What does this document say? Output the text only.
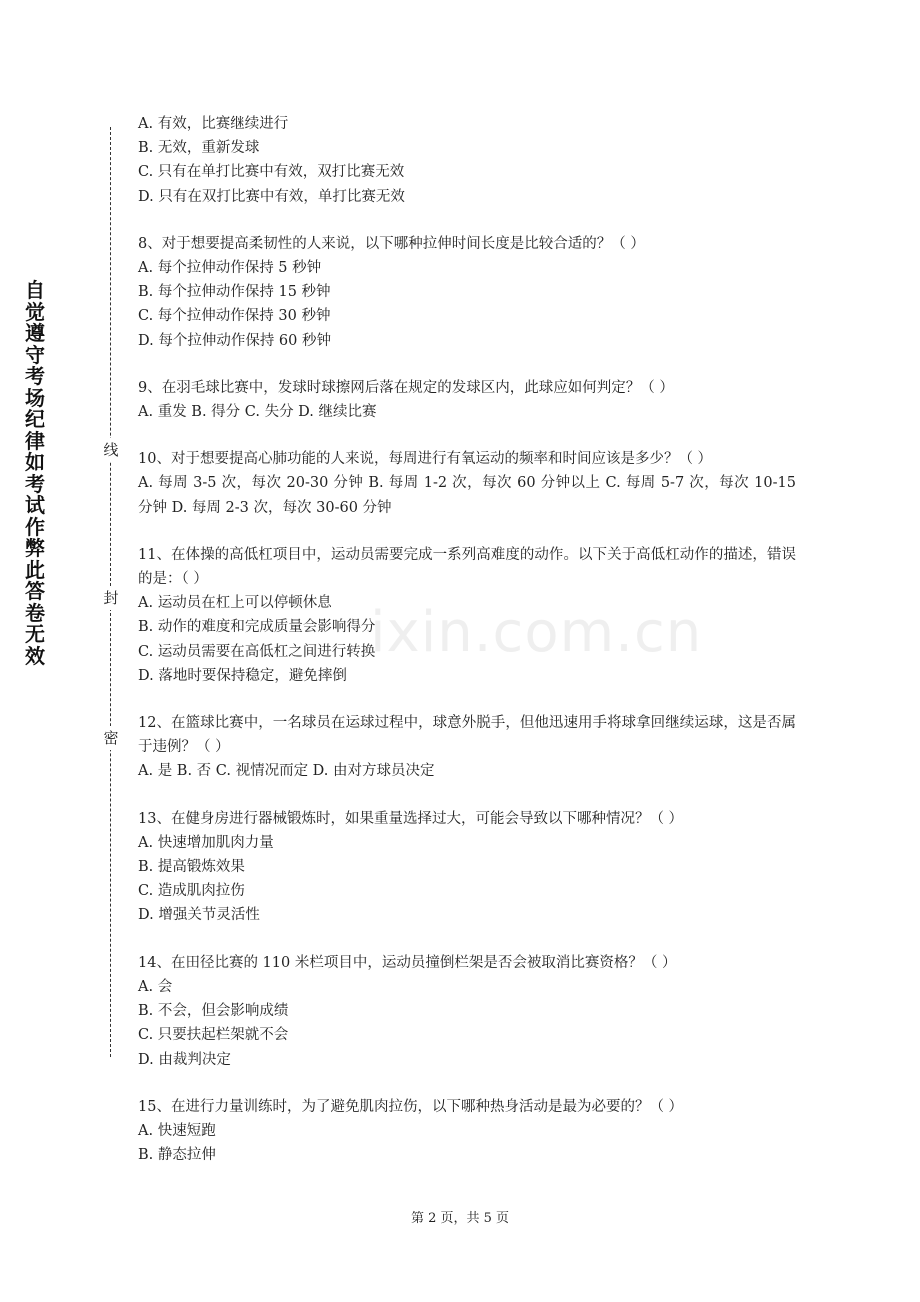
自觉遵守考场纪律如考试作弊此答卷无效
线
封
密
ixin.com.cn
A. 有效，比赛继续进行
B. 无效，重新发球
C. 只有在单打比赛中有效，双打比赛无效
D. 只有在双打比赛中有效，单打比赛无效
8、对于想要提高柔韧性的人来说，以下哪种拉伸时间长度是比较合适的？（ ）
A. 每个拉伸动作保持 5 秒钟
B. 每个拉伸动作保持 15 秒钟
C. 每个拉伸动作保持 30 秒钟
D. 每个拉伸动作保持 60 秒钟
9、在羽毛球比赛中，发球时球擦网后落在规定的发球区内，此球应如何判定？（ ）
A. 重发 B. 得分 C. 失分 D. 继续比赛
10、对于想要提高心肺功能的人来说，每周进行有氧运动的频率和时间应该是多少？（ ）
A. 每周 3-5 次，每次 20-30 分钟 B. 每周 1-2 次，每次 60 分钟以上 C. 每周 5-7 次，每次 10-15 分钟 D. 每周 2-3 次，每次 30-60 分钟
11、在体操的高低杠项目中，运动员需要完成一系列高难度的动作。以下关于高低杠动作的描述，错误的是：（ ）
A. 运动员在杠上可以停顿休息
B. 动作的难度和完成质量会影响得分
C. 运动员需要在高低杠之间进行转换
D. 落地时要保持稳定，避免摔倒
12、在篮球比赛中，一名球员在运球过程中，球意外脱手，但他迅速用手将球拿回继续运球，这是否属于违例？（ ）
A. 是 B. 否 C. 视情况而定 D. 由对方球员决定
13、在健身房进行器械锻炼时，如果重量选择过大，可能会导致以下哪种情况？（ ）
A. 快速增加肌肉力量
B. 提高锻炼效果
C. 造成肌肉拉伤
D. 增强关节灵活性
14、在田径比赛的 110 米栏项目中，运动员撞倒栏架是否会被取消比赛资格？（ ）
A. 会
B. 不会，但会影响成绩
C. 只要扶起栏架就不会
D. 由裁判决定
15、在进行力量训练时，为了避免肌肉拉伤，以下哪种热身活动是最为必要的？（ ）
A. 快速短跑
B. 静态拉伸
第 2 页，共 5 页
